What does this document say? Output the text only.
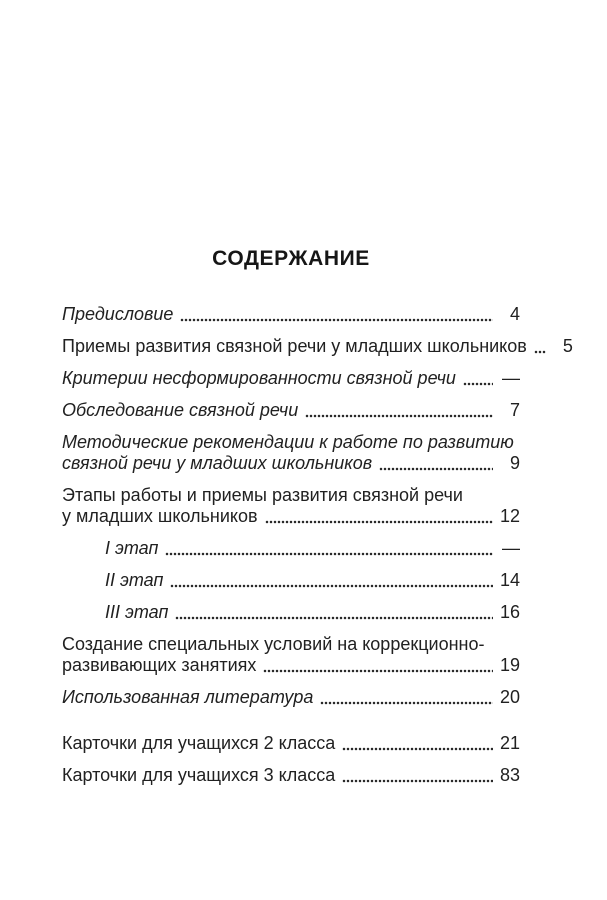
СОДЕРЖАНИЕ
Предисловие	4
Приемы развития связной речи у младших школьников	5
Критерии несформированности связной речи	—
Обследование связной речи	7
Методические рекомендации к работе по развитию
связной речи у младших школьников	9
Этапы работы и приемы развития связной речи
у младших школьников	12
I этап	—
II этап	14
III этап	16
Создание специальных условий на коррекционно-
развивающих занятиях	19
Использованная литература	20
Карточки для учащихся 2 класса	21
Карточки для учащихся 3 класса	83
